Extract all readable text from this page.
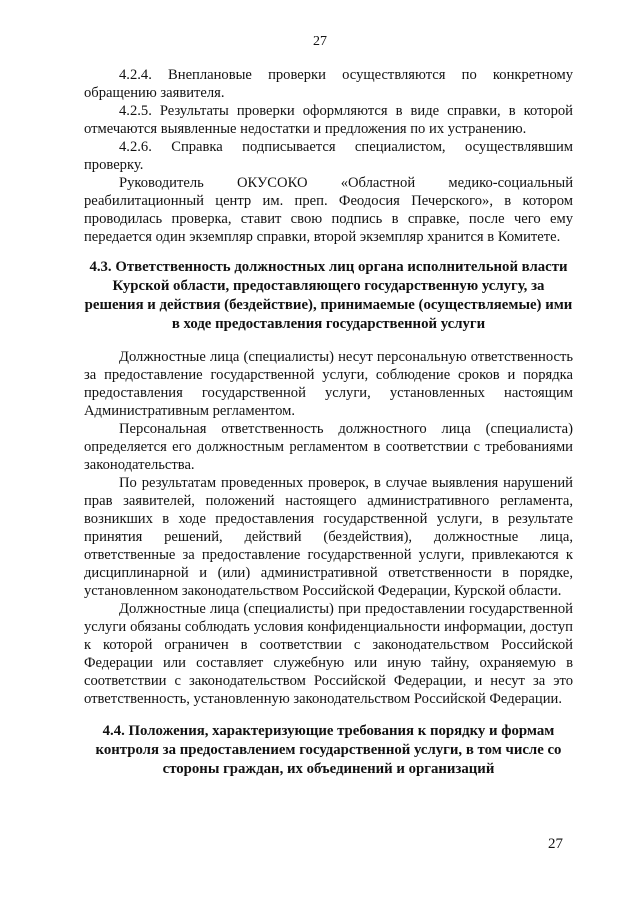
27

4.2.4. Внеплановые проверки осуществляются по конкретному обращению заявителя.

4.2.5. Результаты проверки оформляются в виде справки, в которой отмечаются выявленные недостатки и предложения по их устранению.

4.2.6. Справка подписывается специалистом, осуществлявшим проверку.

Руководитель ОКУСОКО «Областной медико-социальный реабилитационный центр им. преп. Феодосия Печерского», в котором проводилась проверка, ставит свою подпись в справке, после чего ему передается один экземпляр справки, второй экземпляр хранится в Комитете.

4.3. Ответственность должностных лиц органа исполнительной власти Курской области, предоставляющего государственную услугу, за решения и действия (бездействие), принимаемые (осуществляемые) ими в ходе предоставления государственной услуги

Должностные лица (специалисты) несут персональную ответственность за предоставление государственной услуги, соблюдение сроков и порядка предоставления государственной услуги, установленных настоящим Административным регламентом.

Персональная ответственность должностного лица (специалиста) определяется его должностным регламентом в соответствии с требованиями законодательства.

По результатам проведенных проверок, в случае выявления нарушений прав заявителей, положений настоящего административного регламента, возникших в ходе предоставления государственной услуги, в результате принятия решений, действий (бездействия), должностные лица, ответственные за предоставление государственной услуги, привлекаются к дисциплинарной и (или) административной ответственности в порядке, установленном законодательством Российской Федерации, Курской области.

Должностные лица (специалисты) при предоставлении государственной услуги обязаны соблюдать условия конфиденциальности информации, доступ к которой ограничен в соответствии с законодательством Российской Федерации или составляет служебную или иную тайну, охраняемую в соответствии с законодательством Российской Федерации, и несут за это ответственность, установленную законодательством Российской Федерации.

4.4. Положения, характеризующие требования к порядку и формам контроля за предоставлением государственной услуги, в том числе со стороны граждан, их объединений и организаций

27
